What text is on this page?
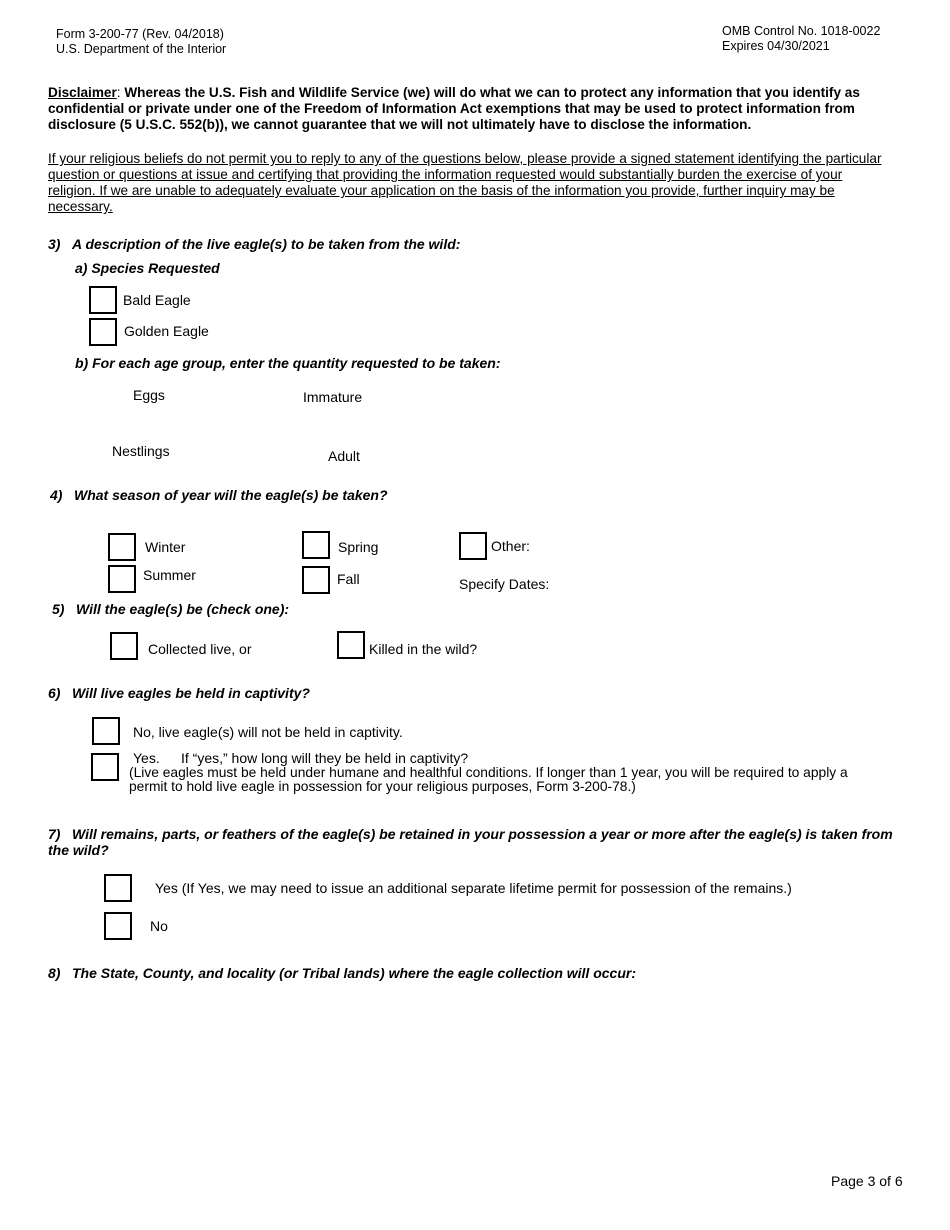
Form 3-200-77 (Rev. 04/2018)
U.S. Department of the Interior
OMB Control No. 1018-0022
Expires 04/30/2021
Disclaimer: Whereas the U.S. Fish and Wildlife Service (we) will do what we can to protect any information that you identify as confidential or private under one of the Freedom of Information Act exemptions that may be used to protect information from disclosure (5 U.S.C. 552(b)), we cannot guarantee that we will not ultimately have to disclose the information.
If your religious beliefs do not permit you to reply to any of the questions below, please provide a signed statement identifying the particular question or questions at issue and certifying that providing the information requested would substantially burden the exercise of your religion. If we are unable to adequately evaluate your application on the basis of the information you provide, further inquiry may be necessary.
3) A description of the live eagle(s) to be taken from the wild:
a) Species Requested
Bald Eagle
Golden Eagle
b) For each age group, enter the quantity requested to be taken:
Eggs	Immature
Nestlings	Adult
4) What season of year will the eagle(s) be taken?
Winter	Spring	Other:
Summer	Fall	Specify Dates:
5) Will the eagle(s) be (check one):
Collected live, or	Killed in the wild?
6) Will live eagles be held in captivity?
No, live eagle(s) will not be held in captivity.
Yes. If “yes,” how long will they be held in captivity?
(Live eagles must be held under humane and healthful conditions. If longer than 1 year, you will be required to apply a permit to hold live eagle in possession for your religious purposes, Form 3-200-78.)
7) Will remains, parts, or feathers of the eagle(s) be retained in your possession a year or more after the eagle(s) is taken from the wild?
Yes (If Yes, we may need to issue an additional separate lifetime permit for possession of the remains.)
No
8) The State, County, and locality (or Tribal lands) where the eagle collection will occur:
Page 3 of 6
